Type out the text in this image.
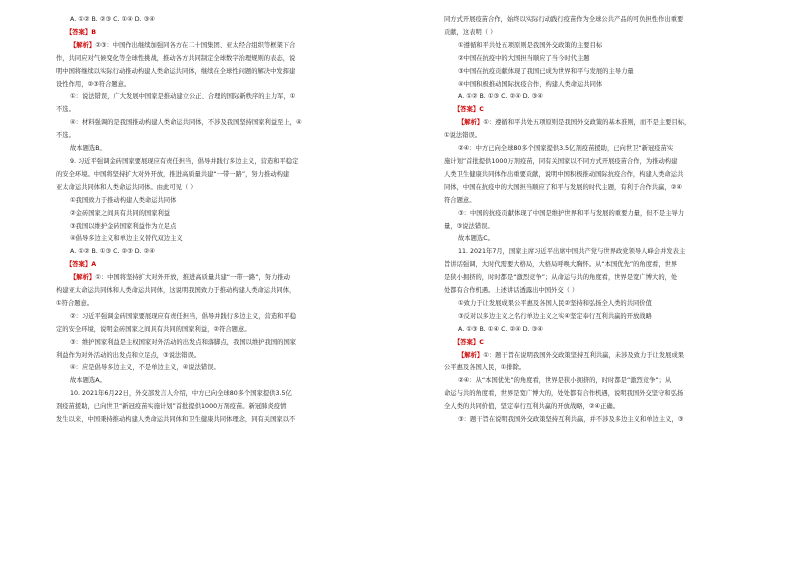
A. ①② B. ②③ C. ①④ D. ③④
【答案】B
【解析】②③：中国作出继续加强同各方在二十国集团、亚太经合组织等框架下合
作，共同应对气候变化等全球性挑战，推动各方共同制定全球数字治理规则的表态，说
明中国将继续以实际行动推动构建人类命运共同体，继续在全球性问题的解决中发挥建
设性作用，②③符合题意。
①：说法错误，广大发展中国家是推动建立公正、合理的国际新秩序的主力军，①
不选。
④：材料强调的是我国推动构建人类命运共同体，不涉及我国坚持国家利益至上，④
不选。
故本题选B。
9. 习近平强调金砖国家要展现应有责任担当，倡导并践行多边主义，营造和平稳定
的安全环境。中国将坚持扩大对外开放，推进高质量共建“一带一路”，努力推动构建
亚太命运共同体和人类命运共同体。由此可见（ ）
①我国致力于推动构建人类命运共同体
②金砖国家之间具有共同的国家利益
③我国以维护金砖国家利益作为立足点
④倡导多边主义和单边主义替代双边主义
A. ①② B. ①③ C. ②③ D. ②④
【答案】A
【解析】①：中国将坚持扩大对外开放，推进高质量共建“一带一路”，努力推动
构建亚太命运共同体和人类命运共同体，这说明我国致力于推动构建人类命运共同体，
①符合题意。
②：习近平强调金砖国家要展现应有责任担当，倡导并践行多边主义，营造和平稳
定的安全环境，说明金砖国家之间具有共同的国家利益，②符合题意。
③：维护国家利益是主权国家对外活动的出发点和落脚点，我国以维护我国的国家
利益作为对外活动的出发点和立足点，③说法错误。
④：应是倡导多边主义，不是单边主义，④说法错误。
故本题选A。
10. 2021年6月22日，外交部发言人介绍，中方已向全球80多个国家提供3.5亿
剂疫苗援助，已向世卫“新冠疫苗实施计划”首批提供1000万剂疫苗。新冠肺炎疫情
发生以来，中国秉持推动构建人类命运共同体和卫生健康共同体理念，同有关国家以不
同方式开展疫苗合作，始终以实际行动践行疫苗作为全球公共产品的可负担性作出重要
贡献，这表明（ ）
①遵循和平共处五项原则是我国外交政策的主要目标
②中国在抗疫中的大国担当顺应了当今时代主题
③中国在抗疫贡献体现了我国已成为世界和平与发展的主导力量
④中国积极推动国际抗疫合作，构建人类命运共同体
A. ①② B. ①③ C. ②④ D. ③④
【答案】C
【解析】①：遵循和平共处五项原则是我国外交政策的基本准则，而不是主要目标，
①说法错误。
②④：中方已向全球80多个国家提供3.5亿剂疫苗援助，已向世卫“新冠疫苗实
施计划”首批提供1000万剂疫苗，同有关国家以不同方式开展疫苗合作，为推动构建
人类卫生健康共同体作出重要贡献，说明中国积极推动国际抗疫合作，构建人类命运共
同体，中国在抗疫中的大国担当顺应了和平与发展的时代主题，有利于合作共赢，②④
符合题意。
③：中国的抗疫贡献体现了中国是维护世界和平与发展的重要力量，但不是主导力
量，③说法错误。
故本题选C。
11. 2021年7月，国家主席习近平出席中国共产党与世界政党领导人峰会并发表主
旨讲话强调，大时代需要大格局，大格局呼唤大胸怀。从“本国优先”的角度看，世界
是狭小拥挤的，时时都是“激烈竞争”；从命运与共的角度看，世界是宽广博大的，处
处都有合作机遇。上述讲话透露出中国外交（ ）
①致力于让发展成果公平惠及各国人民②坚持和弘扬全人类的共同价值
③反对以多边主义之名行单边主义之实④坚定奉行互利共赢的开放战略
A. ①③ B. ①④ C. ②④ D. ③④
【答案】C
【解析】①：题干旨在说明我国外交政策坚持互利共赢，未涉及致力于让发展成果
公平惠及各国人民，①排除。
②④：从“本国优先”的角度看，世界是狭小拥挤的，时时都是“激烈竞争”；从
命运与共的角度看，世界是宽广博大的，处处都有合作机遇，说明我国外交坚守和弘扬
全人类的共同价值，坚定奉行互利共赢的开放战略，②④正确。
③：题干旨在说明我国外交政策坚持互利共赢，并不涉及多边主义和单边主义，③
